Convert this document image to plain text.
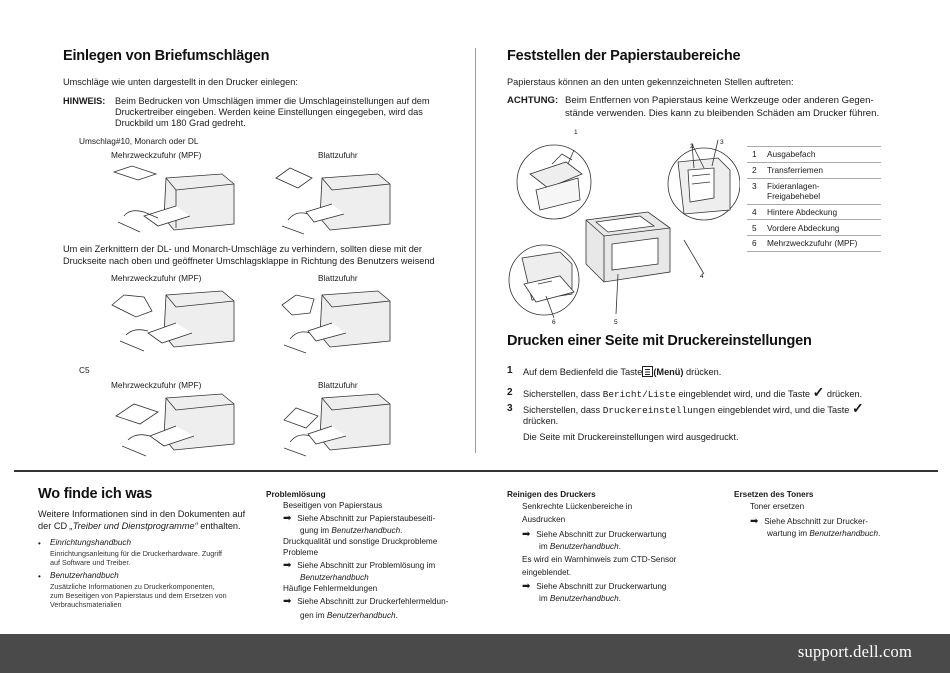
Einlegen von Briefumschlägen
Umschläge wie unten dargestellt in den Drucker einlegen:
HINWEIS: Beim Bedrucken von Umschlägen immer die Umschlageinstellungen auf dem
Druckertreiber eingeben. Werden keine Einstellungen eingegeben, wird das
Druckbild um 180 Grad gedreht.
Umschlag#10, Monarch oder DL
Mehrzweckzufuhr (MPF)	Blattzufuhr
Um ein Zerknittern der DL- und Monarch-Umschläge zu verhindern, sollten diese mit der
Druckseite nach oben und geöffneter Umschlagsklappe in Richtung des Benutzers weisend
Mehrzweckzufuhr (MPF)	Blattzufuhr
C5
Mehrzweckzufuhr (MPF)	Blattzufuhr
Feststellen der Papierstaubereiche
Papierstaus können an den unten gekennzeichneten Stellen auftreten:
ACHTUNG: Beim Entfernen von Papierstaus keine Werkzeuge oder anderen Gegen-
stände verwenden. Dies kann zu bleibenden Schäden am Drucker führen.
1
2
3
4
5
6
1	Ausgabefach
2	Transferriemen
3	Fixieranlagen-
Freigabehebel
4	Hintere Abdeckung
5	Vordere Abdeckung
6	Mehrzweckzufuhr (MPF)
Drucken einer Seite mit Druckereinstellungen
1 Auf dem Bedienfeld die Taste (Menü) drücken.
2 Sicherstellen, dass Bericht/Liste eingeblendet wird, und die Taste ✓ drücken.
3 Sicherstellen, dass Druckereinstellungen eingeblendet wird, und die Taste ✓
drücken.
Die Seite mit Druckereinstellungen wird ausgedruckt.
Wo finde ich was
Weitere Informationen sind in den Dokumenten auf
der CD „Treiber und Dienstprogramme“ enthalten.
• Einrichtungshandbuch
Einrichtungsanleitung für die Druckerhardware. Zugriff
auf Software und Treiber.
• Benutzerhandbuch
Zusätzliche Informationen zu Druckerkomponenten,
zum Beseitigen von Papierstaus und dem Ersetzen von
Verbrauchsmaterialien
Problemlösung
Beseitigen von Papierstaus
➡ Siehe Abschnitt zur Papierstaubeseiti-
gung im Benutzerhandbuch.
Druckqualität und sonstige Druckprobleme
Probleme
➡ Siehe Abschnitt zur Problemlösung im
Benutzerhandbuch
Häufige Fehlermeldungen
➡ Siehe Abschnitt zur Druckerfehlermeldun-
gen im Benutzerhandbuch.
Reinigen des Druckers
Senkrechte Lückenbereiche in
Ausdrucken
➡ Siehe Abschnitt zur Druckerwartung
im Benutzerhandbuch.
Es wird ein Warnhinweis zum CTD-Sensor
eingeblendet.
➡ Siehe Abschnitt zur Druckerwartung
im Benutzerhandbuch.
Ersetzen des Toners
Toner ersetzen
➡ Siehe Abschnitt zur Drucker-
wartung im Benutzerhandbuch.
support.dell.com
